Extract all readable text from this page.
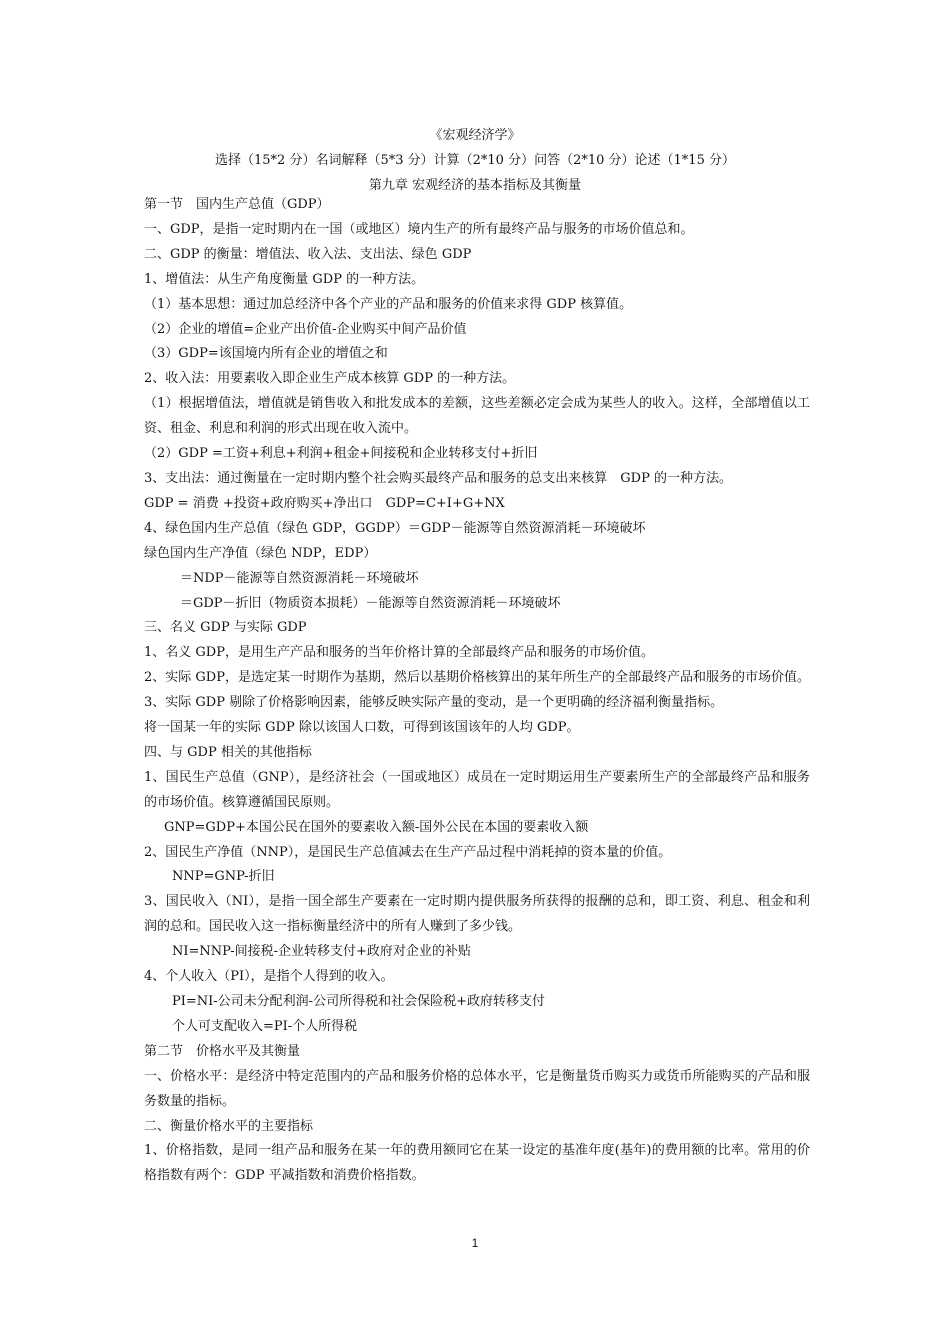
《宏观经济学》
选择（15*2 分）名词解释（5*3 分）计算（2*10 分）问答（2*10 分）论述（1*15 分）
第九章 宏观经济的基本指标及其衡量

第一节　国内生产总值（GDP）

一、GDP，是指一定时期内在一国（或地区）境内生产的所有最终产品与服务的市场价值总和。

二、GDP 的衡量：增值法、收入法、支出法、绿色 GDP

1、增值法：从生产角度衡量 GDP 的一种方法。

（1）基本思想：通过加总经济中各个产业的产品和服务的价值来求得 GDP 核算值。

（2）企业的增值=企业产出价值-企业购买中间产品价值

（3）GDP=该国境内所有企业的增值之和

2、收入法：用要素收入即企业生产成本核算 GDP 的一种方法。

（1）根据增值法，增值就是销售收入和批发成本的差额，这些差额必定会成为某些人的收入。这样，全部增值以工资、租金、利息和利润的形式出现在收入流中。

（2）GDP =工资+利息+利润+租金+间接税和企业转移支付+折旧

3、支出法：通过衡量在一定时期内整个社会购买最终产品和服务的总支出来核算　GDP 的一种方法。

GDP = 消费 +投资+政府购买+净出口　GDP=C+I+G+NX

4、绿色国内生产总值（绿色 GDP，GGDP）＝GDP－能源等自然资源消耗－环境破坏

绿色国内生产净值（绿色 NDP，EDP）

＝NDP－能源等自然资源消耗－环境破坏

＝GDP－折旧（物质资本损耗）－能源等自然资源消耗－环境破坏

三、名义 GDP 与实际 GDP

1、名义 GDP，是用生产产品和服务的当年价格计算的全部最终产品和服务的市场价值。

2、实际 GDP，是选定某一时期作为基期，然后以基期价格核算出的某年所生产的全部最终产品和服务的市场价值。

3、实际 GDP 剔除了价格影响因素，能够反映实际产量的变动，是一个更明确的经济福利衡量指标。

将一国某一年的实际 GDP 除以该国人口数，可得到该国该年的人均 GDP。

四、与 GDP 相关的其他指标

1、国民生产总值（GNP），是经济社会（一国或地区）成员在一定时期运用生产要素所生产的全部最终产品和服务的市场价值。核算遵循国民原则。

GNP=GDP+本国公民在国外的要素收入额-国外公民在本国的要素收入额

2、国民生产净值（NNP），是国民生产总值减去在生产产品过程中消耗掉的资本量的价值。

NNP=GNP-折旧

3、国民收入（NI），是指一国全部生产要素在一定时期内提供服务所获得的报酬的总和，即工资、利息、租金和利润的总和。国民收入这一指标衡量经济中的所有人赚到了多少钱。

NI=NNP-间接税-企业转移支付+政府对企业的补贴

4、个人收入（PI），是指个人得到的收入。

PI=NI-公司未分配利润-公司所得税和社会保险税+政府转移支付

个人可支配收入=PI-个人所得税

第二节　价格水平及其衡量

一、价格水平：是经济中特定范围内的产品和服务价格的总体水平，它是衡量货币购买力或货币所能购买的产品和服务数量的指标。

二、衡量价格水平的主要指标

1、价格指数，是同一组产品和服务在某一年的费用额同它在某一设定的基准年度(基年)的费用额的比率。常用的价格指数有两个：GDP 平减指数和消费价格指数。

1
